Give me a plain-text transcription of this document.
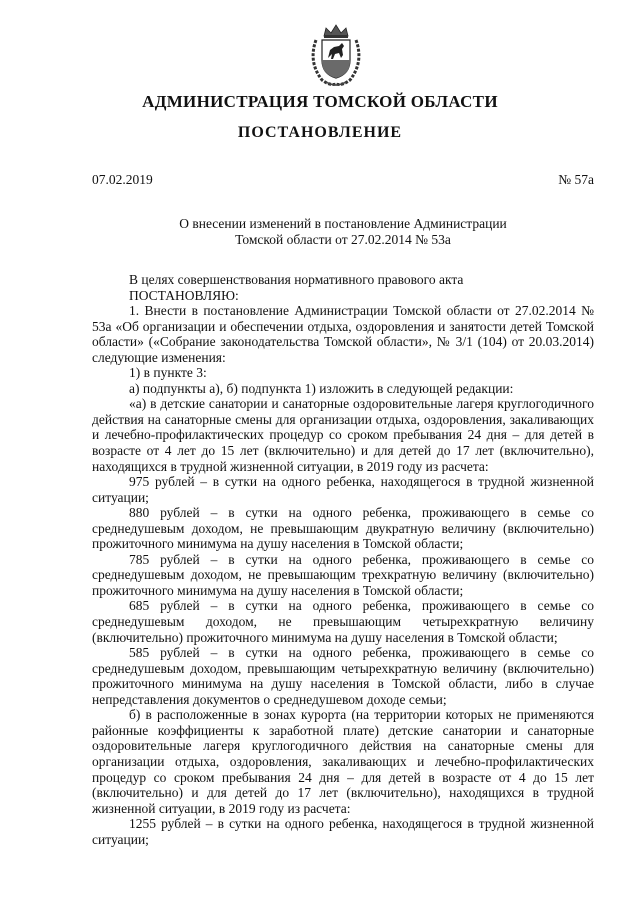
АДМИНИСТРАЦИЯ ТОМСКОЙ ОБЛАСТИ
ПОСТАНОВЛЕНИЕ
07.02.2019	№ 57а
О внесении изменений в постановление Администрации
Томской области от 27.02.2014 № 53а

В целях совершенствования нормативного правового акта

ПОСТАНОВЛЯЮ:

1. Внести в постановление Администрации Томской области от 27.02.2014 № 53а «Об организации и обеспечении отдыха, оздоровления и занятости детей Томской области» («Собрание законодательства Томской области», № 3/1 (104) от 20.03.2014) следующие изменения:

1) в пункте 3:

а) подпункты а), б) подпункта 1) изложить в следующей редакции:

«а) в детские санатории и санаторные оздоровительные лагеря круглогодичного действия на санаторные смены для организации отдыха, оздоровления, закаливающих и лечебно-профилактических процедур со сроком пребывания 24 дня – для детей в возрасте от 4 лет до 15 лет (включительно) и для детей до 17 лет (включительно), находящихся в трудной жизненной ситуации, в 2019 году из расчета:

975 рублей – в сутки на одного ребенка, находящегося в трудной жизненной ситуации;

880 рублей – в сутки на одного ребенка, проживающего в семье со среднедушевым доходом, не превышающим двукратную величину (включительно) прожиточного минимума на душу населения в Томской области;

785 рублей – в сутки на одного ребенка, проживающего в семье со среднедушевым доходом, не превышающим трехкратную величину (включительно) прожиточного минимума на душу населения в Томской области;

685 рублей – в сутки на одного ребенка, проживающего в семье со среднедушевым доходом, не превышающим четырехкратную величину (включительно) прожиточного минимума на душу населения в Томской области;

585 рублей – в сутки на одного ребенка, проживающего в семье со среднедушевым доходом, превышающим четырехкратную величину (включительно) прожиточного минимума на душу населения в Томской области, либо в случае непредставления документов о среднедушевом доходе семьи;

б) в расположенные в зонах курорта (на территории которых не применяются районные коэффициенты к заработной плате) детские санатории и санаторные оздоровительные лагеря круглогодичного действия на санаторные смены для организации отдыха, оздоровления, закаливающих и лечебно-профилактических процедур со сроком пребывания 24 дня – для детей в возрасте от 4 до 15 лет (включительно) и для детей до 17 лет (включительно), находящихся в трудной жизненной ситуации, в 2019 году из расчета:

1255 рублей – в сутки на одного ребенка, находящегося в трудной жизненной ситуации;
